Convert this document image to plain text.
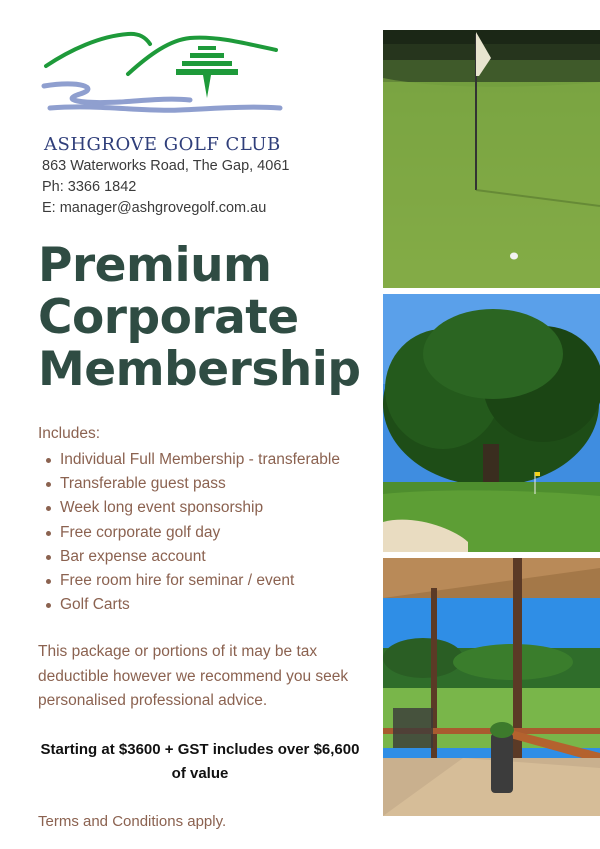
ASHGROVE GOLF CLUB
863 Waterworks Road, The Gap, 4061
Ph: 3366 1842
E: manager@ashgrovegolf.com.au
Premium
Corporate
Membership
Includes:
Individual Full Membership - transferable
Transferable guest pass
Week long event sponsorship
Free corporate golf day
Bar expense account
Free room hire for seminar / event
Golf Carts
This package or portions of it may be tax deductible however we recommend you seek personalised professional advice.
Starting at $3600 + GST includes over $6,600
of value
Terms and Conditions apply.
